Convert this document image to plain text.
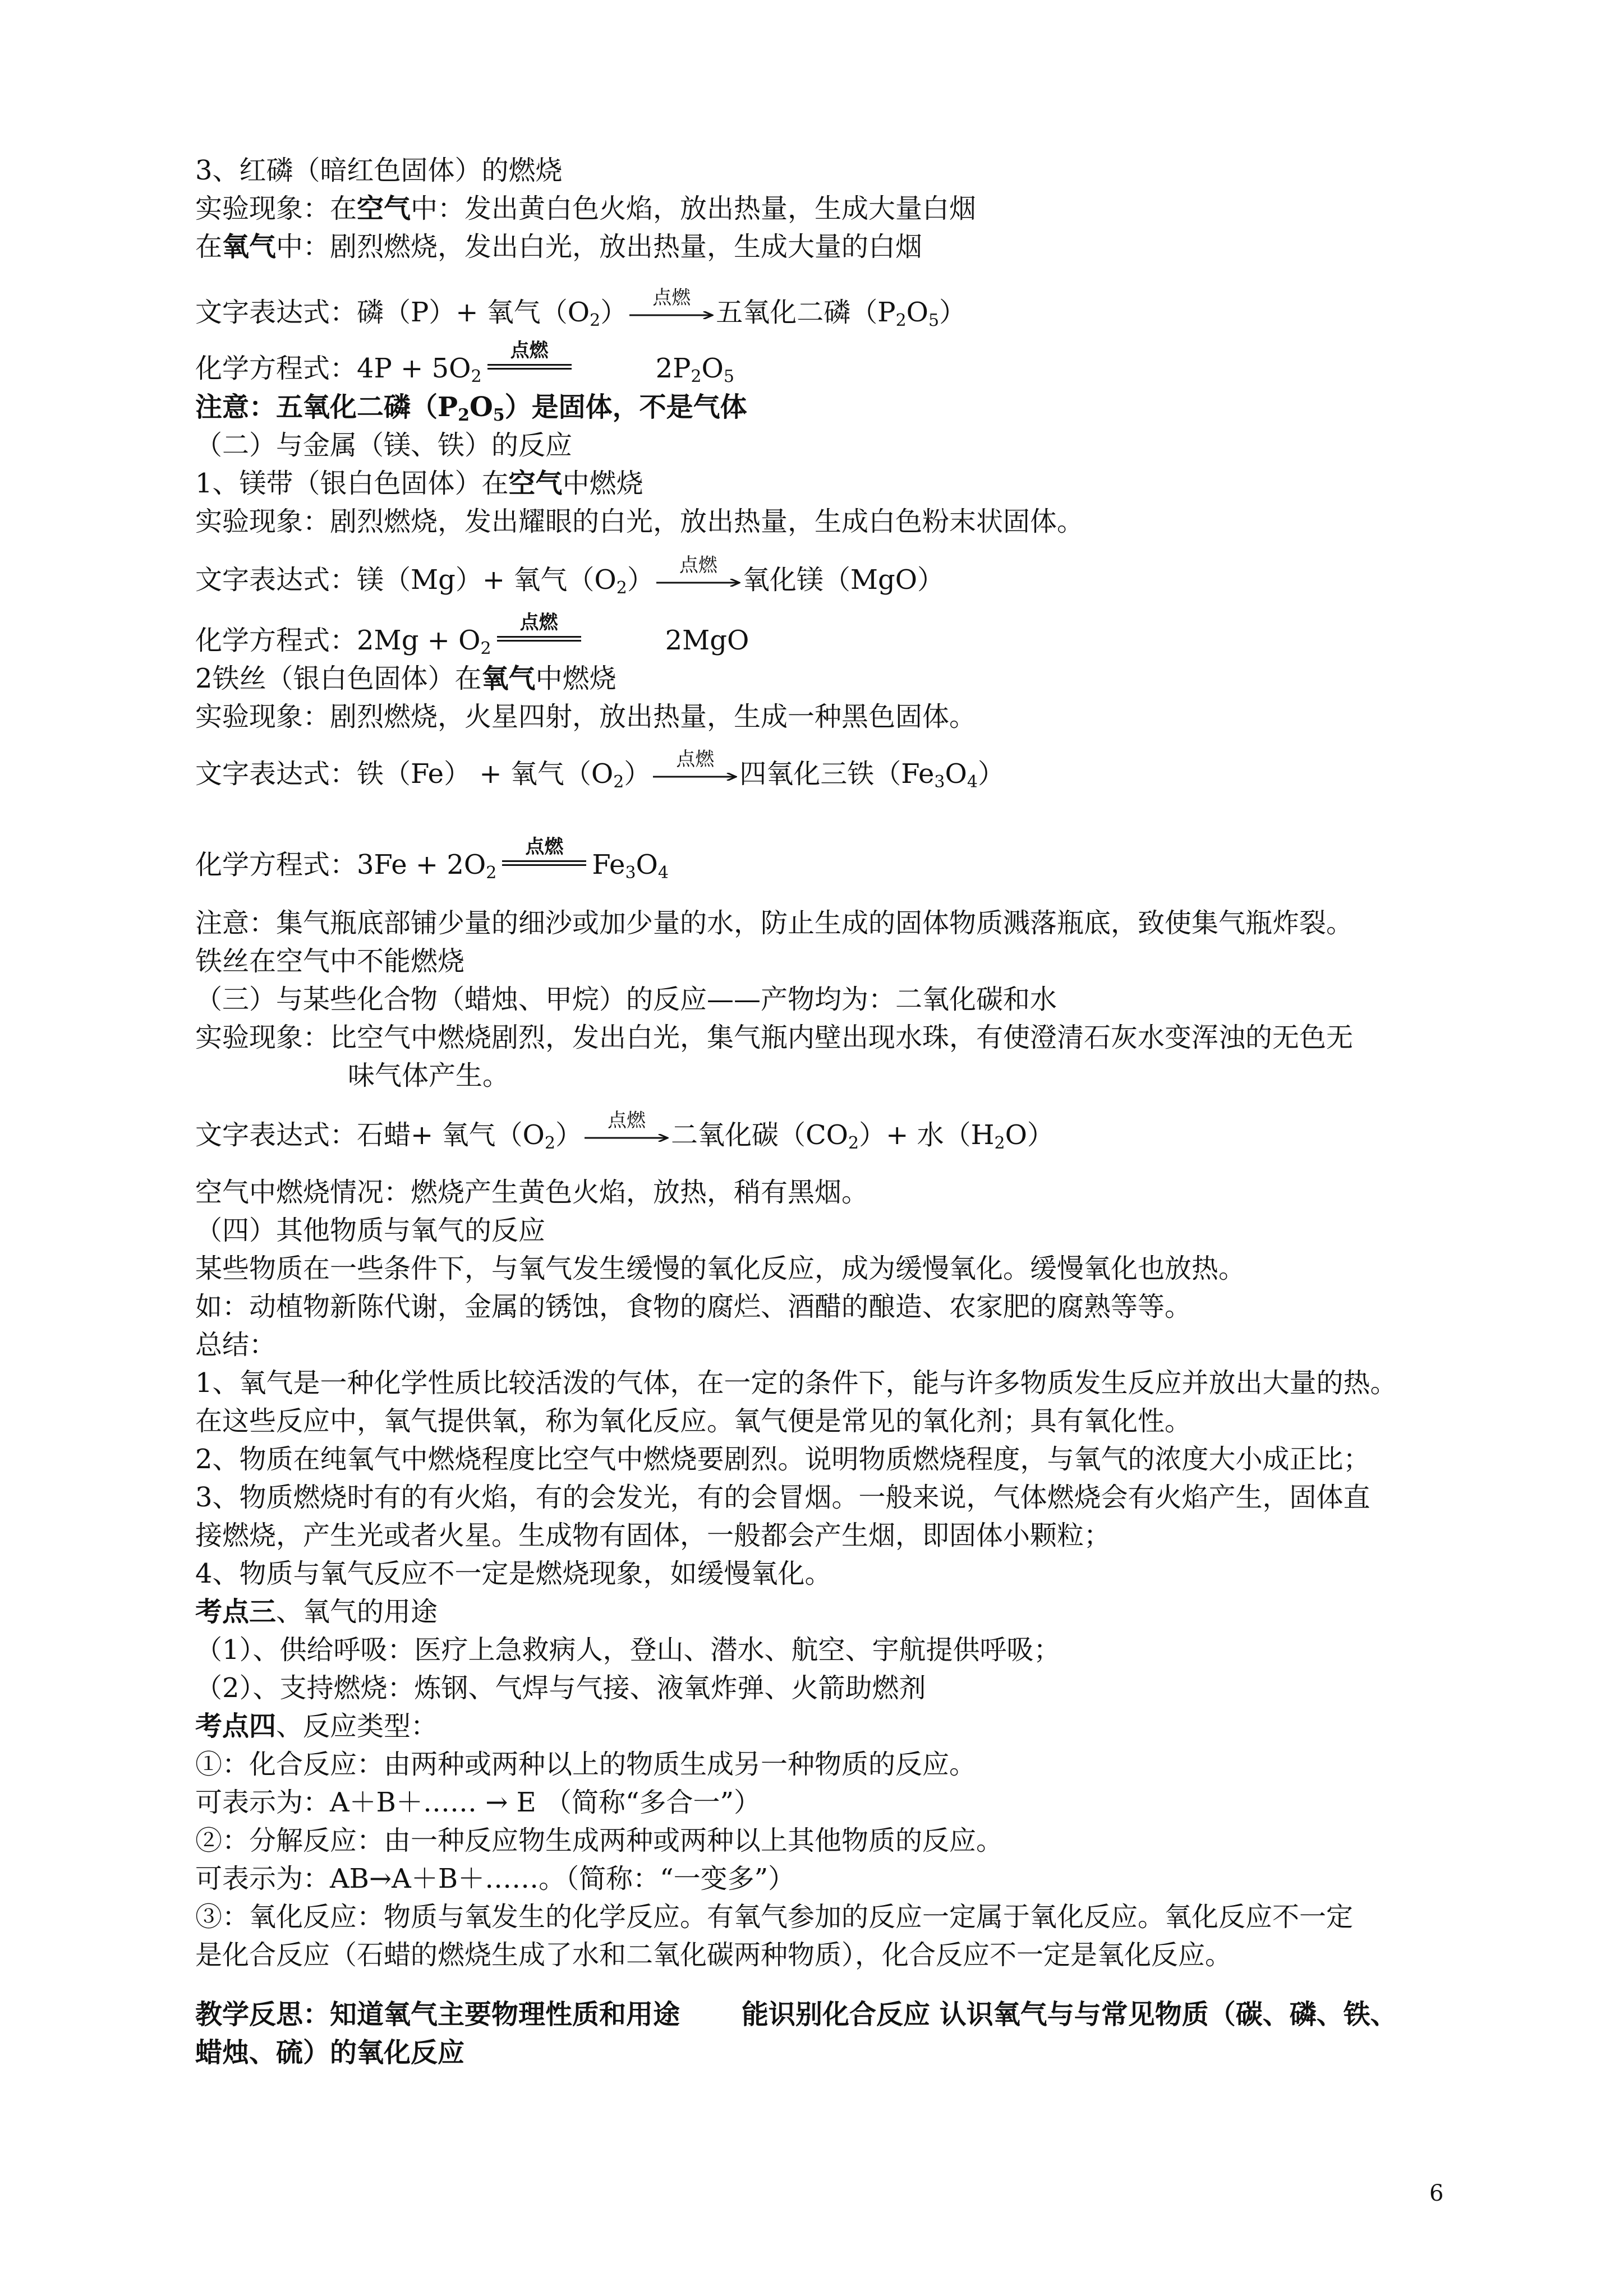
3、红磷（暗红色固体）的燃烧
实验现象：在空气中：发出黄白色火焰，放出热量，生成大量白烟
在氧气中：剧烈燃烧，发出白光，放出热量，生成大量的白烟
文字表达式：磷（P）+ 氧气$(O_2)$	点燃 五氧化二磷$(P_2O_5)$
化学方程式：$4P + 5O_2$
点燃
$2P_2O_5$
注意：五氧化二磷$(P_2O_5)$是固体，不是气体
（二）与金属（镁、铁）的反应
1、镁带（银白色固体）在空气中燃烧
实验现象：剧烈燃烧，发出耀眼的白光，放出热量，生成白色粉末状固体。
文字表达式：镁（Mg）+ 氧气$(O_2)$	点燃 氧化镁（MgO）
化学方程式：$2Mg + O_2$
点燃
2MgO
2铁丝（银白色固体）在氧气中燃烧
实验现象：剧烈燃烧，火星四射，放出热量，生成一种黑色固体。
文字表达式：铁（Fe） + 氧气$(O_2)$	点燃 四氧化三铁$(Fe_3O_4)$
化学方程式：$3Fe + 2O_2$
点燃
$Fe_3O_4$
注意：集气瓶底部铺少量的细沙或加少量的水，防止生成的固体物质溅落瓶底，致使集气瓶炸裂。
铁丝在空气中不能燃烧
（三）与某些化合物（蜡烛、甲烷）的反应——产物均为：二氧化碳和水
实验现象：比空气中燃烧剧烈，发出白光，集气瓶内壁出现水珠，有使澄清石灰水变浑浊的无色无
味气体产生。
文字表达式：石蜡+ 氧气$(O_2)$	点燃 二氧化碳$(CO_2)+$ 水$(H_2O)$
空气中燃烧情况：燃烧产生黄色火焰，放热，稍有黑烟。
（四）其他物质与氧气的反应
某些物质在一些条件下，与氧气发生缓慢的氧化反应，成为缓慢氧化。缓慢氧化也放热。
如：动植物新陈代谢，金属的锈蚀，食物的腐烂、酒醋的酿造、农家肥的腐熟等等。
总结：
1、氧气是一种化学性质比较活泼的气体，在一定的条件下，能与许多物质发生反应并放出大量的热。
在这些反应中，氧气提供氧，称为氧化反应。氧气便是常见的氧化剂；具有氧化性。
2、物质在纯氧气中燃烧程度比空气中燃烧要剧烈。说明物质燃烧程度，与氧气的浓度大小成正比；
3、物质燃烧时有的有火焰，有的会发光，有的会冒烟。一般来说，气体燃烧会有火焰产生，固体直
接燃烧，产生光或者火星。生成物有固体，一般都会产生烟，即固体小颗粒；
4、物质与氧气反应不一定是燃烧现象，如缓慢氧化。
考点三、氧气的用途
（1）、供给呼吸：医疗上急救病人，登山、潜水、航空、宇航提供呼吸；
（2）、支持燃烧：炼钢、气焊与气接、液氧炸弹、火箭助燃剂
考点四、反应类型：
①：化合反应：由两种或两种以上的物质生成另一种物质的反应。
可表示为：A＋B＋…… → E （简称“多合一”）
②：分解反应：由一种反应物生成两种或两种以上其他物质的反应。
可表示为：AB→A＋B＋……。（简称：“一变多”）
③：氧化反应：物质与氧发生的化学反应。有氧气参加的反应一定属于氧化反应。氧化反应不一定
是化合反应（石蜡的燃烧生成了水和二氧化碳两种物质），化合反应不一定是氧化反应。
教学反思：知道氧气主要物理性质和用途 能识别化合反应 认识氧气与与常见物质（碳、磷、铁、
蜡烛、硫）的氧化反应
6
